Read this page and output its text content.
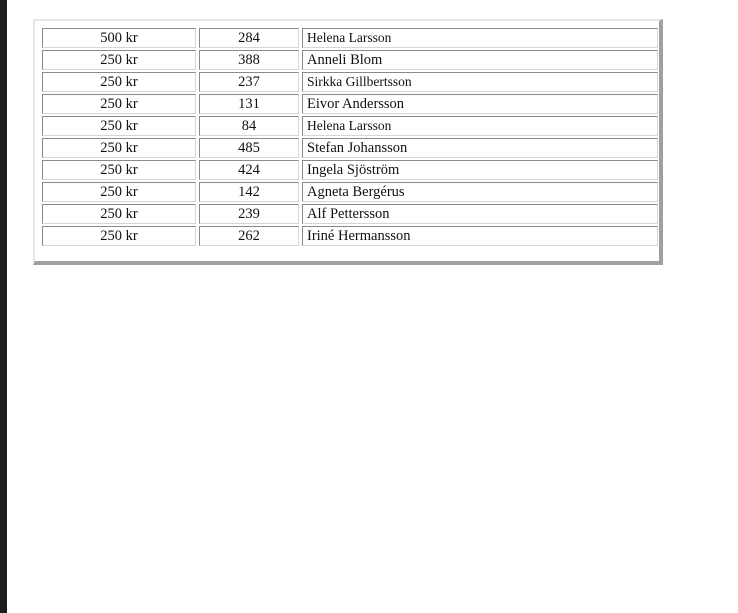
500 kr	284	Helena Larsson
250 kr	388	Anneli Blom
250 kr	237	Sirkka Gillbertsson
250 kr	131	Eivor Andersson
250 kr	84	Helena Larsson
250 kr	485	Stefan Johansson
250 kr	424	Ingela Sjöström
250 kr	142	Agneta Bergérus
250 kr	239	Alf Pettersson
250 kr	262	Iriné Hermansson
